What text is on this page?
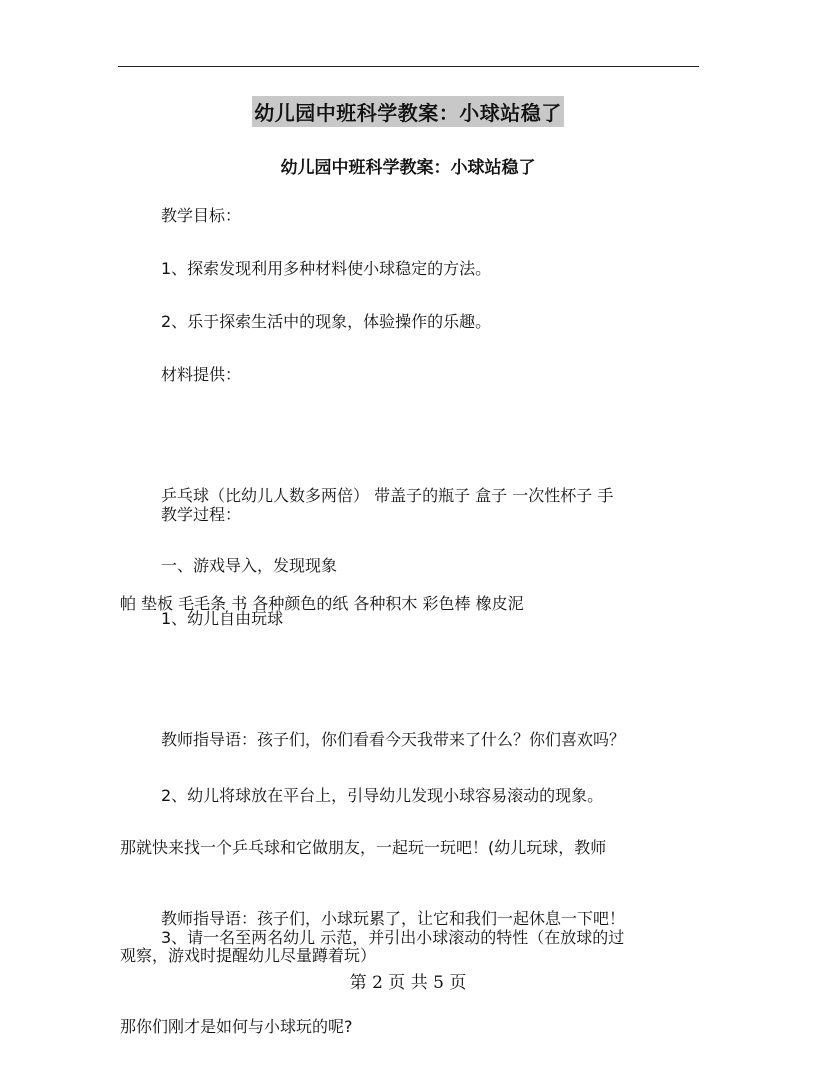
幼儿园中班科学教案：小球站稳了
幼儿园中班科学教案：小球站稳了
教学目标：
1、探索发现利用多种材料使小球稳定的方法。
2、乐于探索生活中的现象，体验操作的乐趣。
材料提供：

乒乓球（比幼儿人数多两倍） 带盖子的瓶子 盒子 一次性杯子 手

帕 垫板 毛毛条 书 各种颜色的纸 各种积木 彩色棒 橡皮泥

教学过程：
一、游戏导入，发现现象
1、幼儿自由玩球

教师指导语：孩子们，你们看看今天我带来了什么？你们喜欢吗？

那就快来找一个乒乓球和它做朋友，一起玩一玩吧！(幼儿玩球，教师

观察，游戏时提醒幼儿尽量蹲着玩）

2、幼儿将球放在平台上，引导幼儿发现小球容易滚动的现象。

教师指导语：孩子们，小球玩累了，让它和我们一起休息一下吧！

那你们刚才是如何与小球玩的呢?

3、请一名至两名幼儿 示范，并引出小球滚动的特性（在放球的过
第 2 页 共 5 页
